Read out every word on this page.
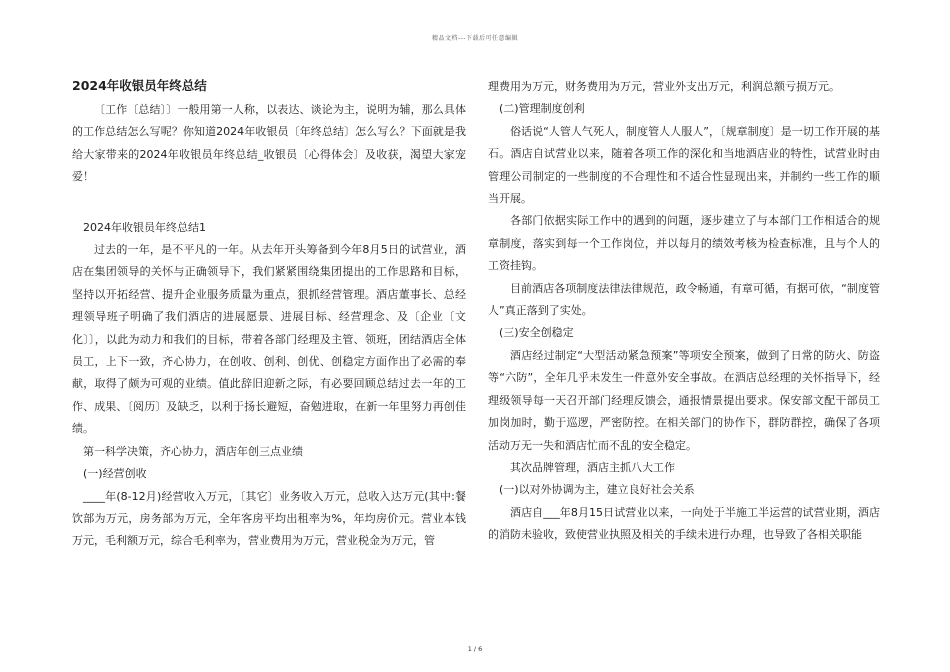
精品文档---下载后可任意编辑
2024年收银员年终总结

〔工作〔总结〕〕一般用第一人称，以表达、谈论为主，说明为辅，那么具体的工作总结怎么写呢？你知道2024年收银员〔年终总结〕怎么写么？下面就是我给大家带来的2024年收银员年终总结_收银员〔心得体会〕及收获，渴望大家宠爱！

2024年收银员年终总结1

过去的一年，是不平凡的一年。从去年开头筹备到今年8月5日的试营业，酒店在集团领导的关怀与正确领导下，我们紧紧围绕集团提出的工作思路和目标，坚持以开拓经营、提升企业服务质量为重点，狠抓经营管理。酒店董事长、总经理领导班子明确了我们酒店的进展愿景、进展目标、经营理念、及〔企业〔文化〕〕，以此为动力和我们的目标，带着各部门经理及主管、领班，团结酒店全体员工，上下一致，齐心协力，在创收、创利、创优、创稳定方面作出了必需的奉献，取得了颇为可观的业绩。值此辞旧迎新之际，有必要回顾总结过去一年的工作、成果、〔阅历〕及缺乏，以利于扬长避短，奋勉进取，在新一年里努力再创佳绩。

第一科学决策，齐心协力，酒店年创三点业绩

(一)经营创收

____年(8-12月)经营收入万元，〔其它〕业务收入万元，总收入达万元(其中:餐饮部为万元，房务部为万元，全年客房平均出租率为%，年均房价元。营业本钱万元，毛利额万元，综合毛利率为，营业费用为万元，营业税金为万元，管

理费用为万元，财务费用为万元，营业外支出万元，利润总额亏损万元。

(二)管理制度创利

俗话说“人管人气死人，制度管人人服人”，〔规章制度〕是一切工作开展的基石。酒店自试营业以来，随着各项工作的深化和当地酒店业的特性，试营业时由管理公司制定的一些制度的不合理性和不适合性显现出来，并制约一些工作的顺当开展。

各部门依据实际工作中的遇到的问题，逐步建立了与本部门工作相适合的规章制度，落实到每一个工作岗位，并以每月的绩效考核为检查标准，且与个人的工资挂钩。

目前酒店各项制度法律法律规范，政令畅通，有章可循，有据可依，“制度管人”真正落到了实处。

(三)安全创稳定

酒店经过制定“大型活动紧急预案”等项安全预案，做到了日常的防火、防盗等“六防”，全年几乎未发生一件意外安全事故。在酒店总经理的关怀指导下，经理级领导每一天召开部门经理反馈会，通报情景提出要求。保安部文配干部员工加岗加时，勤于巡逻，严密防控。在相关部门的协作下，群防群控，确保了各项活动万无一失和酒店忙而不乱的安全稳定。

其次品牌管理，酒店主抓八大工作

(一)以对外协调为主，建立良好社会关系

酒店自___年8月15日试营业以来，一向处于半施工半运营的试营业期，酒店的消防未验收，致使营业执照及相关的手续未进行办理，也导致了各相关职能

1 / 6
